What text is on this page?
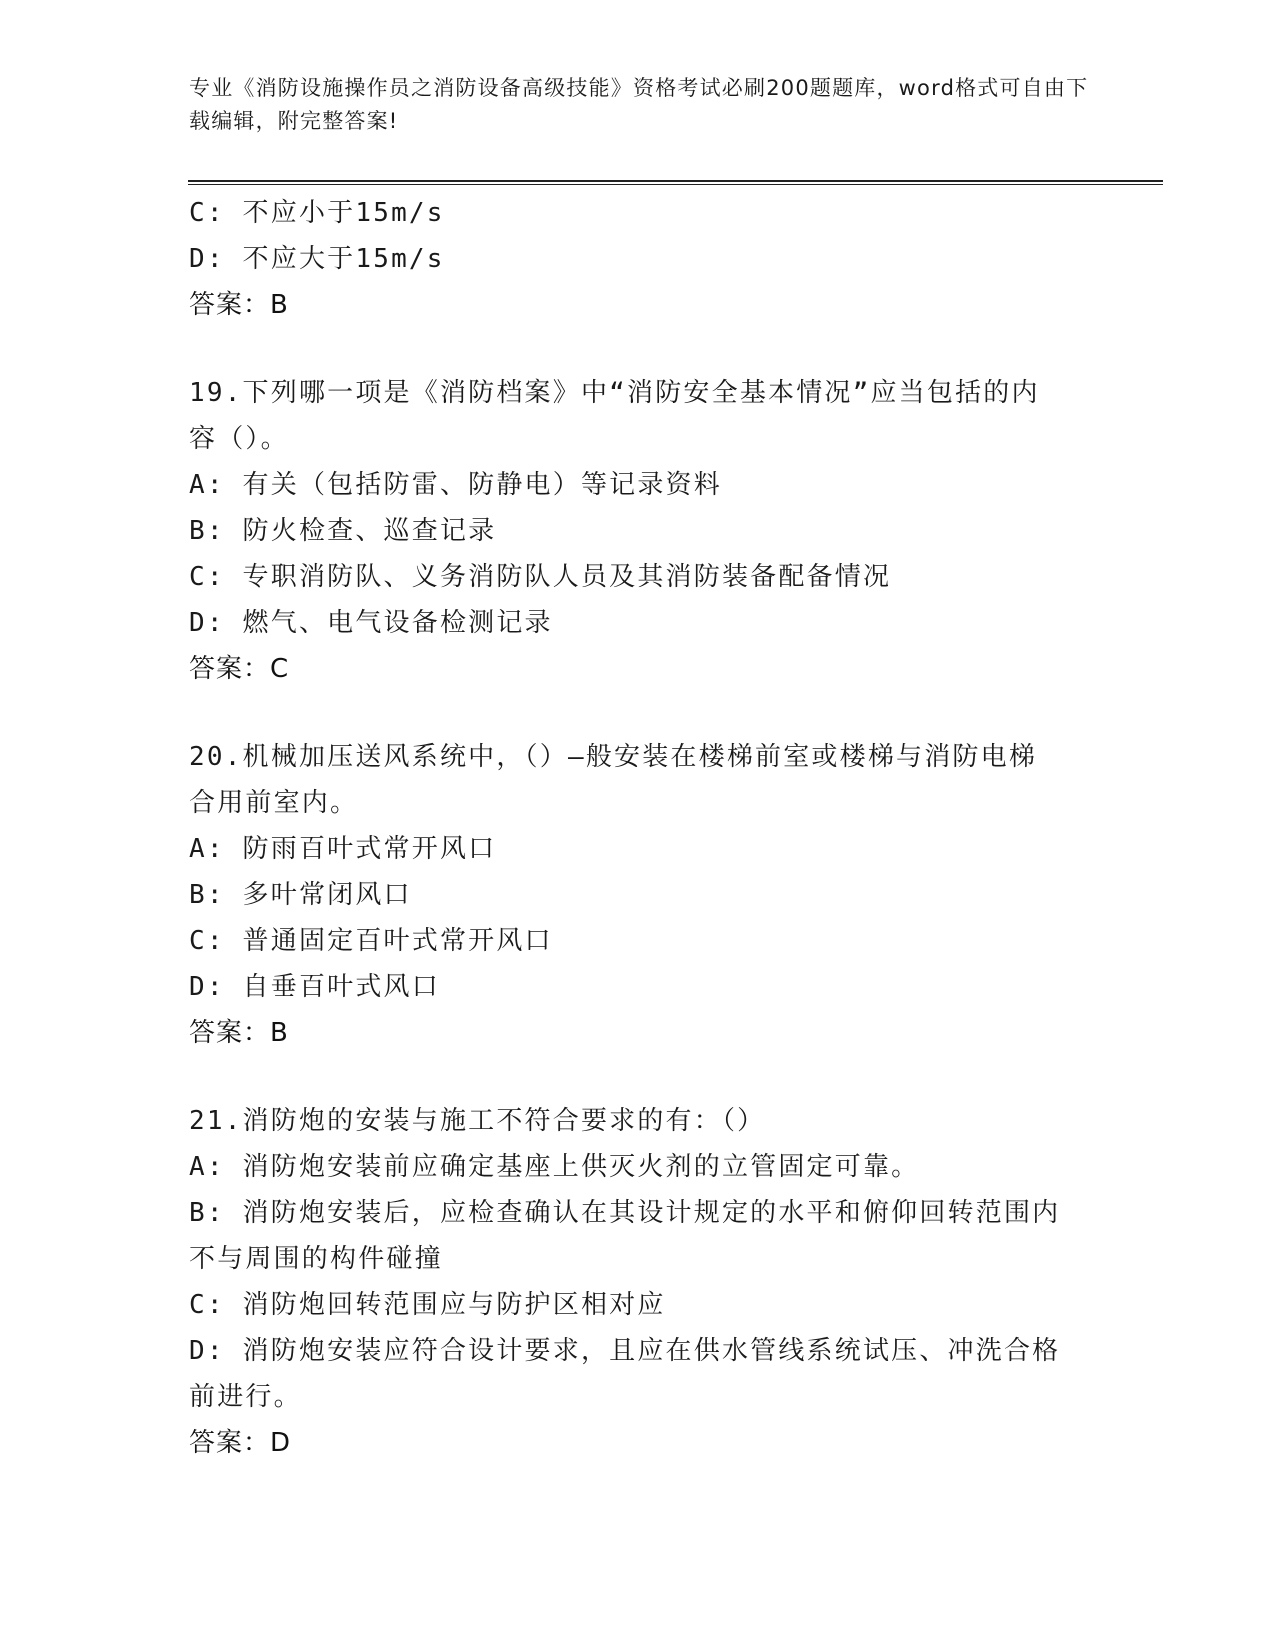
专业《消防设施操作员之消防设备高级技能》资格考试必刷200题题库，word格式可自由下载编辑，附完整答案!
C: 不应小于15m/s
D: 不应大于15m/s
答案：B
19.下列哪一项是《消防档案》中“消防安全基本情况”应当包括的内
容（）。
A: 有关（包括防雷、防静电）等记录资料
B: 防火检查、巡查记录
C: 专职消防队、义务消防队人员及其消防装备配备情况
D: 燃气、电气设备检测记录
答案：C
20.机械加压送风系统中，（）—般安装在楼梯前室或楼梯与消防电梯
合用前室内。
A: 防雨百叶式常开风口
B: 多叶常闭风口
C: 普通固定百叶式常开风口
D: 自垂百叶式风口
答案：B
21.消防炮的安装与施工不符合要求的有：（）
A: 消防炮安装前应确定基座上供灭火剂的立管固定可靠。
B: 消防炮安装后，应检查确认在其设计规定的水平和俯仰回转范围内
不与周围的构件碰撞
C: 消防炮回转范围应与防护区相对应
D: 消防炮安装应符合设计要求，且应在供水管线系统试压、冲洗合格
前进行。
答案：D
